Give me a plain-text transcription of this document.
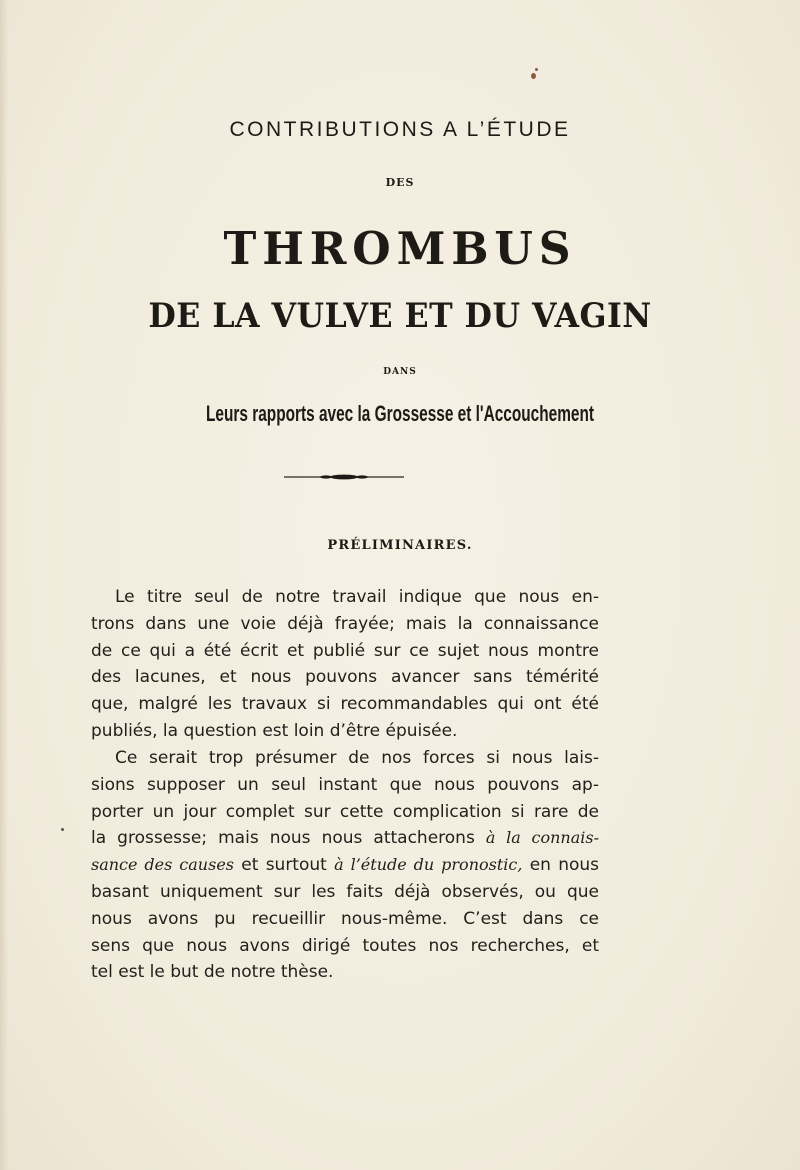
CONTRIBUTIONS A L’ÉTUDE
DES
THROMBUS
DE LA VULVE ET DU VAGIN
DANS
Leurs rapports avec la Grossesse et l'Accouchement
PRÉLIMINAIRES.
Le titre seul de notre travail indique que nous en-
trons dans une voie déjà frayée; mais la connaissance
de ce qui a été écrit et publié sur ce sujet nous montre
des lacunes, et nous pouvons avancer sans témérité
que, malgré les travaux si recommandables qui ont été
publiés, la question est loin d’être épuisée.
Ce serait trop présumer de nos forces si nous lais-
sions supposer un seul instant que nous pouvons ap-
porter un jour complet sur cette complication si rare de
la grossesse; mais nous nous attacherons à la connais-
sance des causes et surtout à l’étude du pronostic, en nous
basant uniquement sur les faits déjà observés, ou que
nous avons pu recueillir nous-même. C’est dans ce
sens que nous avons dirigé toutes nos recherches, et
tel est le but de notre thèse.
